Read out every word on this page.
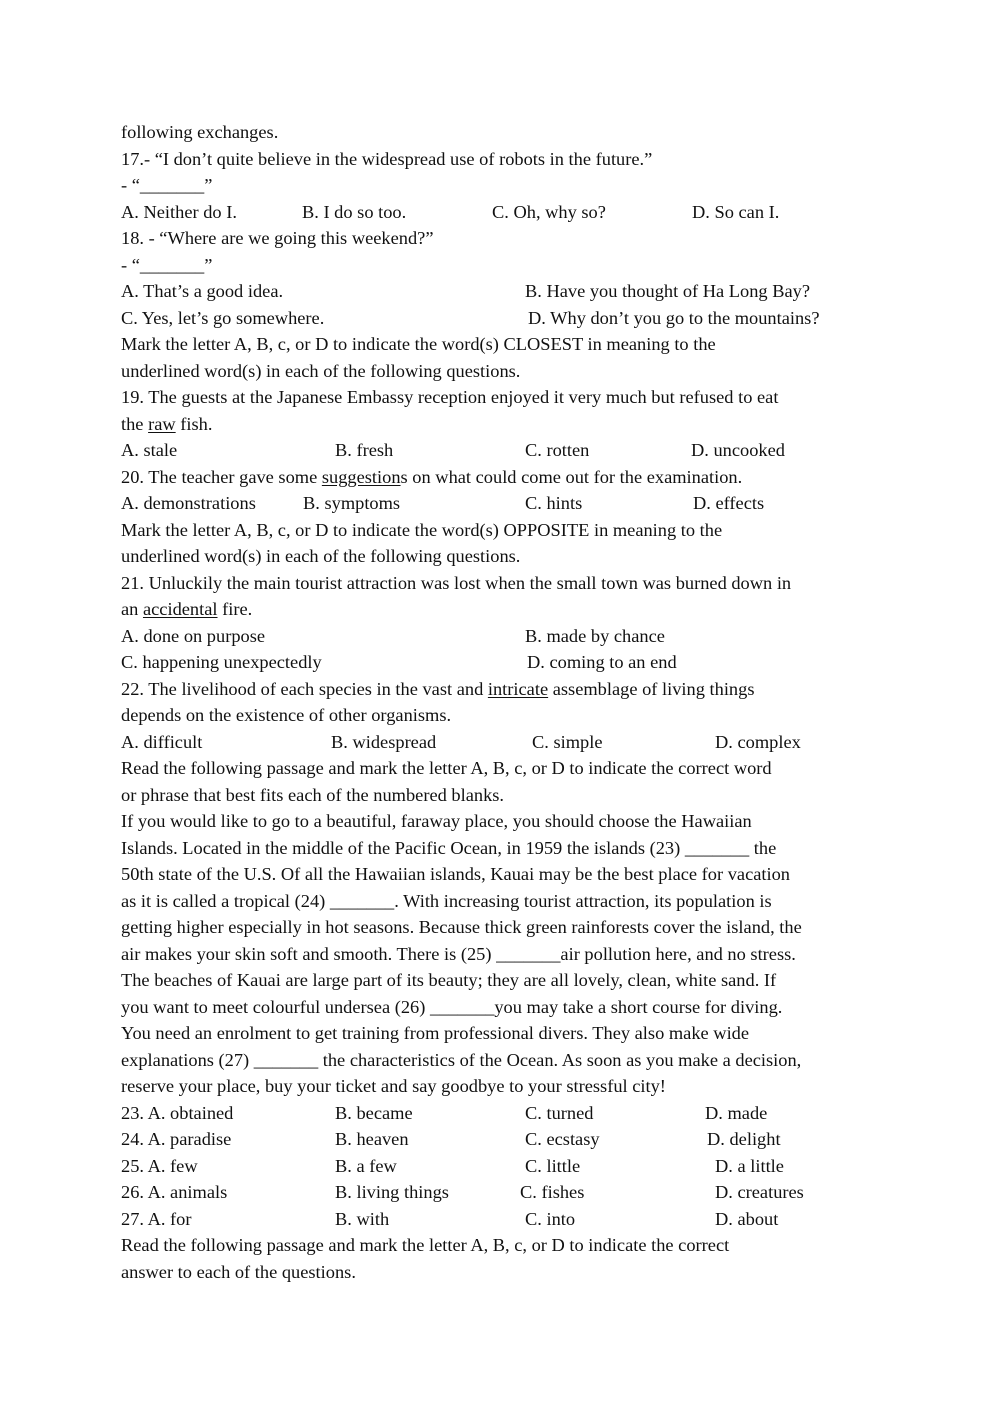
following exchanges.
17.- “I don’t quite believe in the widespread use of robots in the future.”
- “_______”
A. Neither do I.	B. I do so too.	C. Oh, why so?	D. So can I.
18. - “Where are we going this weekend?”
- “_______”
A. That’s a good idea.	B. Have you thought of Ha Long Bay?
C. Yes, let’s go somewhere.	D. Why don’t you go to the mountains?
Mark the letter A, B, c, or D to indicate the word(s) CLOSEST in meaning to the
underlined word(s) in each of the following questions.
19. The guests at the Japanese Embassy reception enjoyed it very much but refused to eat
the raw fish.
A. stale	B. fresh	C. rotten	D. uncooked
20. The teacher gave some suggestions on what could come out for the examination.
A. demonstrations	B. symptoms	C. hints	D. effects
Mark the letter A, B, c, or D to indicate the word(s) OPPOSITE in meaning to the
underlined word(s) in each of the following questions.
21. Unluckily the main tourist attraction was lost when the small town was burned down in
an accidental fire.
A. done on purpose	B. made by chance
C. happening unexpectedly	D. coming to an end
22. The livelihood of each species in the vast and intricate assemblage of living things
depends on the existence of other organisms.
A. difficult	B. widespread	C. simple	D. complex
Read the following passage and mark the letter A, B, c, or D to indicate the correct word
or phrase that best fits each of the numbered blanks.
If you would like to go to a beautiful, faraway place, you should choose the Hawaiian
Islands. Located in the middle of the Pacific Ocean, in 1959 the islands (23) _______ the
50th state of the U.S. Of all the Hawaiian islands, Kauai may be the best place for vacation
as it is called a tropical (24) _______. With increasing tourist attraction, its population is
getting higher especially in hot seasons. Because thick green rainforests cover the island, the
air makes your skin soft and smooth. There is (25) _______air pollution here, and no stress.
The beaches of Kauai are large part of its beauty; they are all lovely, clean, white sand. If
you want to meet colourful undersea (26) _______you may take a short course for diving.
You need an enrolment to get training from professional divers. They also make wide
explanations (27) _______ the characteristics of the Ocean. As soon as you make a decision,
reserve your place, buy your ticket and say goodbye to your stressful city!
23. A. obtained	B. became	C. turned	D. made
24. A. paradise	B. heaven	C. ecstasy	D. delight
25. A. few	B. a few	C. little	D. a little
26. A. animals	B. living things	C. fishes	D. creatures
27. A. for	B. with	C. into	D. about
Read the following passage and mark the letter A, B, c, or D to indicate the correct
answer to each of the questions.
